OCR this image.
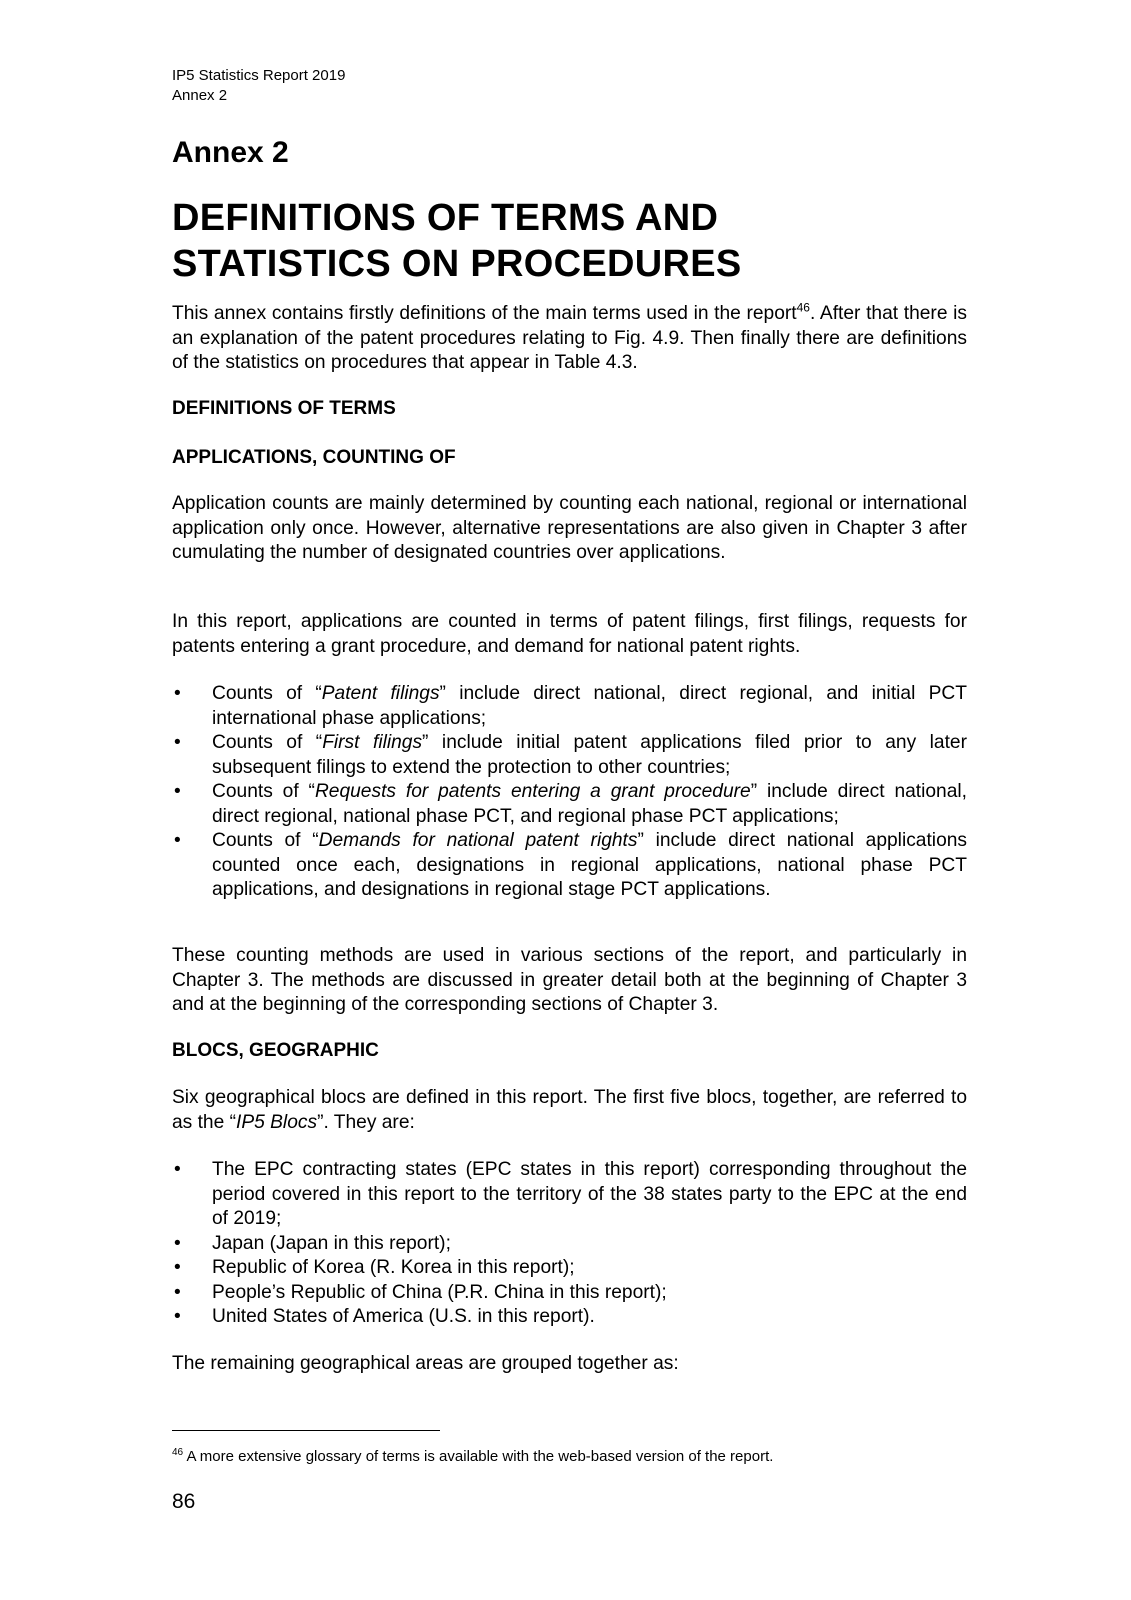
IP5 Statistics Report 2019
Annex 2
Annex 2
DEFINITIONS OF TERMS AND
STATISTICS ON PROCEDURES
This annex contains firstly definitions of the main terms used in the report$^{46}$. After that there is an explanation of the patent procedures relating to Fig. 4.9. Then finally there are definitions of the statistics on procedures that appear in Table 4.3.
DEFINITIONS OF TERMS
APPLICATIONS, COUNTING OF
Application counts are mainly determined by counting each national, regional or international application only once. However, alternative representations are also given in Chapter 3 after cumulating the number of designated countries over applications.
In this report, applications are counted in terms of patent filings, first filings, requests for patents entering a grant procedure, and demand for national patent rights.
• Counts of “Patent filings” include direct national, direct regional, and initial PCT international phase applications;
• Counts of “First filings” include initial patent applications filed prior to any later subsequent filings to extend the protection to other countries;
• Counts of “Requests for patents entering a grant procedure” include direct national, direct regional, national phase PCT, and regional phase PCT applications;
• Counts of “Demands for national patent rights” include direct national applications counted once each, designations in regional applications, national phase PCT applications, and designations in regional stage PCT applications.
These counting methods are used in various sections of the report, and particularly in Chapter 3. The methods are discussed in greater detail both at the beginning of Chapter 3 and at the beginning of the corresponding sections of Chapter 3.
BLOCS, GEOGRAPHIC
Six geographical blocs are defined in this report. The first five blocs, together, are referred to as the “IP5 Blocs”. They are:
• The EPC contracting states (EPC states in this report) corresponding throughout the period covered in this report to the territory of the 38 states party to the EPC at the end of 2019;
• Japan (Japan in this report);
• Republic of Korea (R. Korea in this report);
• People’s Republic of China (P.R. China in this report);
• United States of America (U.S. in this report).
The remaining geographical areas are grouped together as:
$^{46}$ A more extensive glossary of terms is available with the web-based version of the report.
86
